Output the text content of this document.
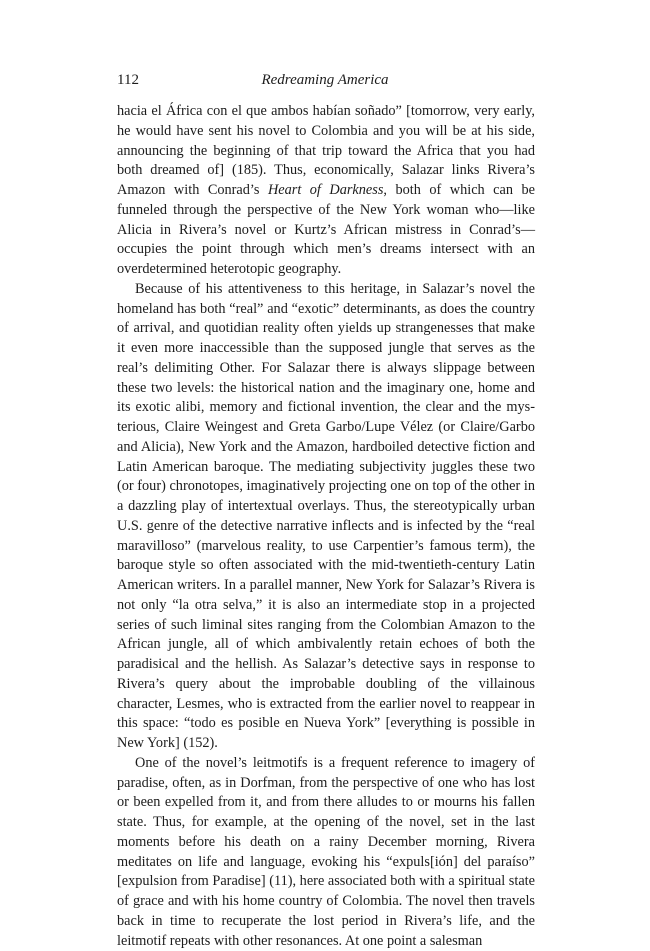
112	Redreaming America

hacia el África con el que ambos habían soñado” [tomorrow, very early, he would have sent his novel to Colombia and you will be at his side, announcing the beginning of that trip toward the Africa that you had both dreamed of] (185). Thus, economically, Salazar links Rivera’s Amazon with Conrad’s Heart of Darkness, both of which can be funneled through the perspective of the New York woman who—like Alicia in Rivera’s novel or Kurtz’s African mistress in Conrad’s—occupies the point through which men’s dreams intersect with an overdetermined heterotopic geography.

Because of his attentiveness to this heritage, in Salazar’s novel the homeland has both “real” and “exotic” determinants, as does the country of arrival, and quotidian reality often yields up strangenesses that make it even more inaccessible than the supposed jungle that serves as the real’s delimiting Other. For Salazar there is always slippage between these two levels: the historical nation and the imaginary one, home and its exotic alibi, memory and fictional invention, the clear and the mysterious, Claire Weingest and Greta Garbo/Lupe Vélez (or Claire/Garbo and Alicia), New York and the Amazon, hardboiled detective fiction and Latin American baroque. The mediating subjectivity juggles these two (or four) chronotopes, imaginatively projecting one on top of the other in a dazzling play of intertextual overlays. Thus, the stereotypically urban U.S. genre of the detective narrative inflects and is infected by the “real maravilloso” (marvelous reality, to use Carpentier’s famous term), the baroque style so often associated with the mid-twentieth-century Latin American writers. In a parallel manner, New York for Salazar’s Rivera is not only “la otra selva,” it is also an intermediate stop in a projected series of such liminal sites ranging from the Colombian Amazon to the African jungle, all of which ambivalently retain echoes of both the paradisical and the hellish. As Salazar’s detective says in response to Rivera’s query about the improbable doubling of the villainous character, Lesmes, who is extracted from the earlier novel to reappear in this space: “todo es posible en Nueva York” [everything is possible in New York] (152).

One of the novel’s leitmotifs is a frequent reference to imagery of paradise, often, as in Dorfman, from the perspective of one who has lost or been expelled from it, and from there alludes to or mourns his fallen state. Thus, for example, at the opening of the novel, set in the last moments before his death on a rainy December morning, Rivera meditates on life and language, evoking his “expuls[ión] del paraíso” [expulsion from Paradise] (11), here associated both with a spiritual state of grace and with his home country of Colombia. The novel then travels back in time to recuperate the lost period in Rivera’s life, and the leitmotif repeats with other resonances. At one point a salesman
